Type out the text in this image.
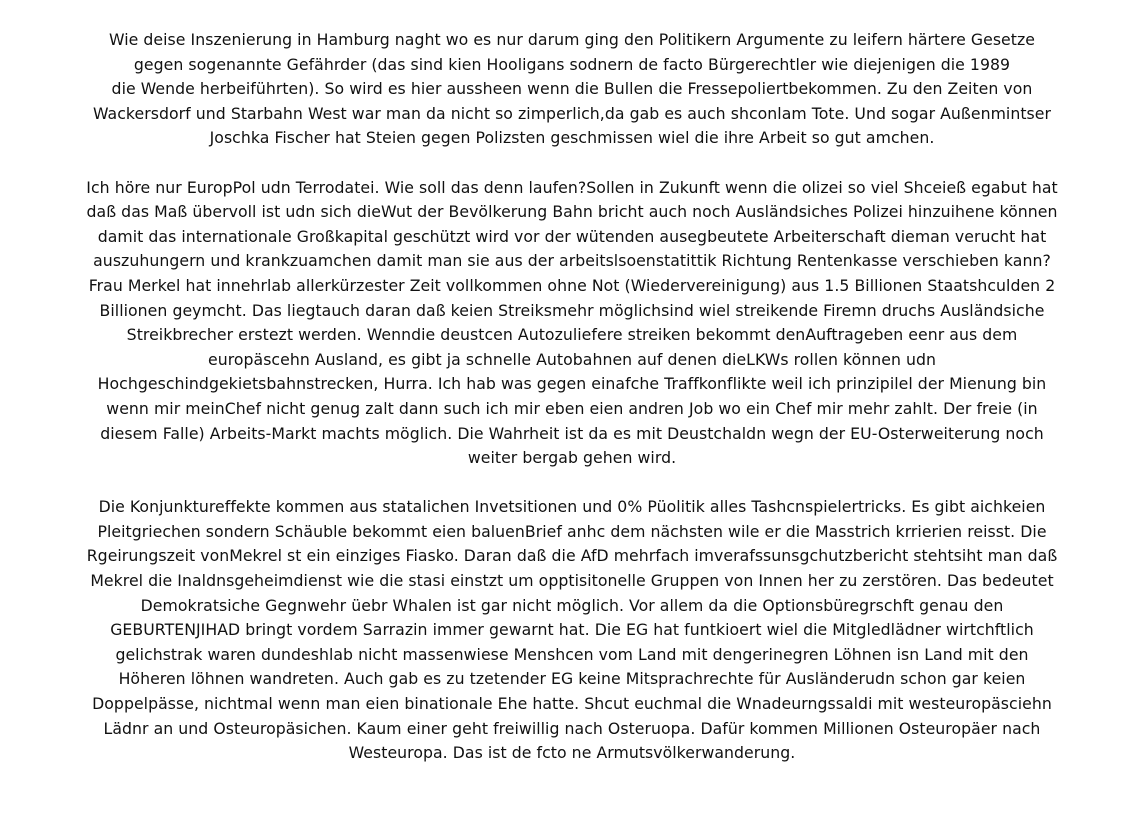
Wie deise Inszenierung in Hamburg naght wo es nur darum ging den Politikern Argumente zu leifern härtere Gesetze
gegen sogenannte Gefährder (das sind kien Hooligans sodnern de facto Bürgerechtler wie diejenigen die 1989
die Wende herbeiführten). So wird es hier aussheen wenn die Bullen die Fressepoliertbekommen. Zu den Zeiten von
Wackersdorf und Starbahn West war man da nicht so zimperlich,da gab es auch shconlam Tote. Und sogar Außenmintser
Joschka Fischer hat Steien gegen Polizsten geschmissen wiel die ihre Arbeit so gut amchen.
Ich höre nur EuropPol udn Terrodatei. Wie soll das denn laufen?Sollen in Zukunft wenn die olizei so viel Shceieß egabut hat
daß das Maß übervoll ist udn sich dieWut der Bevölkerung Bahn bricht auch noch Ausländsiches Polizei hinzuihene können
damit das internationale Großkapital geschützt wird vor der wütenden ausegbeutete Arbeiterschaft dieman verucht hat
auszuhungern und krankzuamchen damit man sie aus der arbeitslsoenstatittik Richtung Rentenkasse verschieben kann?
Frau Merkel hat innehrlab allerkürzester Zeit vollkommen ohne Not (Wiedervereinigung) aus 1.5 Billionen Staatshculden 2
Billionen geymcht. Das liegtauch daran daß keien Streiksmehr möglichsind wiel streikende Firemn druchs Ausländsiche
Streikbrecher erstezt werden. Wenndie deustcen Autozuliefere streiken bekommt denAuftrageben eenr aus dem
europäscehn Ausland, es gibt ja schnelle Autobahnen auf denen dieLKWs rollen können udn
Hochgeschindgekietsbahnstrecken, Hurra. Ich hab was gegen einafche Traffkonflikte weil ich prinzipilel der Mienung bin
wenn mir meinChef nicht genug zalt dann such ich mir eben eien andren Job wo ein Chef mir mehr zahlt. Der freie (in
diesem Falle) Arbeits-Markt machts möglich. Die Wahrheit ist da es mit Deustchaldn wegn der EU-Osterweiterung noch
weiter bergab gehen wird.
Die Konjunktureffekte kommen aus statalichen Invetsitionen und 0% Püolitik alles Tashcnspielertricks. Es gibt aichkeien
Pleitgriechen sondern Schäuble bekommt eien baluenBrief anhc dem nächsten wile er die Masstrich krrierien reisst. Die
Rgeirungszeit vonMekrel st ein einziges Fiasko. Daran daß die AfD mehrfach imverafssunsgchutzbericht stehtsiht man daß
Mekrel die Inaldnsgeheimdienst wie die stasi einstzt um opptisitonelle Gruppen von Innen her zu zerstören. Das bedeutet
Demokratsiche Gegnwehr üebr Whalen ist gar nicht möglich. Vor allem da die Optionsbüregrschft genau den
GEBURTENJIHAD bringt vordem Sarrazin immer gewarnt hat. Die EG hat funtkioert wiel die Mitgledlädner wirtchftlich
gelichstrak waren dundeshlab nicht massenwiese Menshcen vom Land mit dengerinegren Löhnen isn Land mit den
Höheren löhnen wandreten. Auch gab es zu tzetender EG keine Mitsprachrechte für Ausländerudn schon gar keien
Doppelpässe, nichtmal wenn man eien binationale Ehe hatte. Shcut euchmal die Wnadeurngssaldi mit westeuropäsciehn
Lädnr an und Osteuropäsichen. Kaum einer geht freiwillig nach Osteruopa. Dafür kommen Millionen Osteuropäer nach
Westeuropa. Das ist de fcto ne Armutsvölkerwanderung.
